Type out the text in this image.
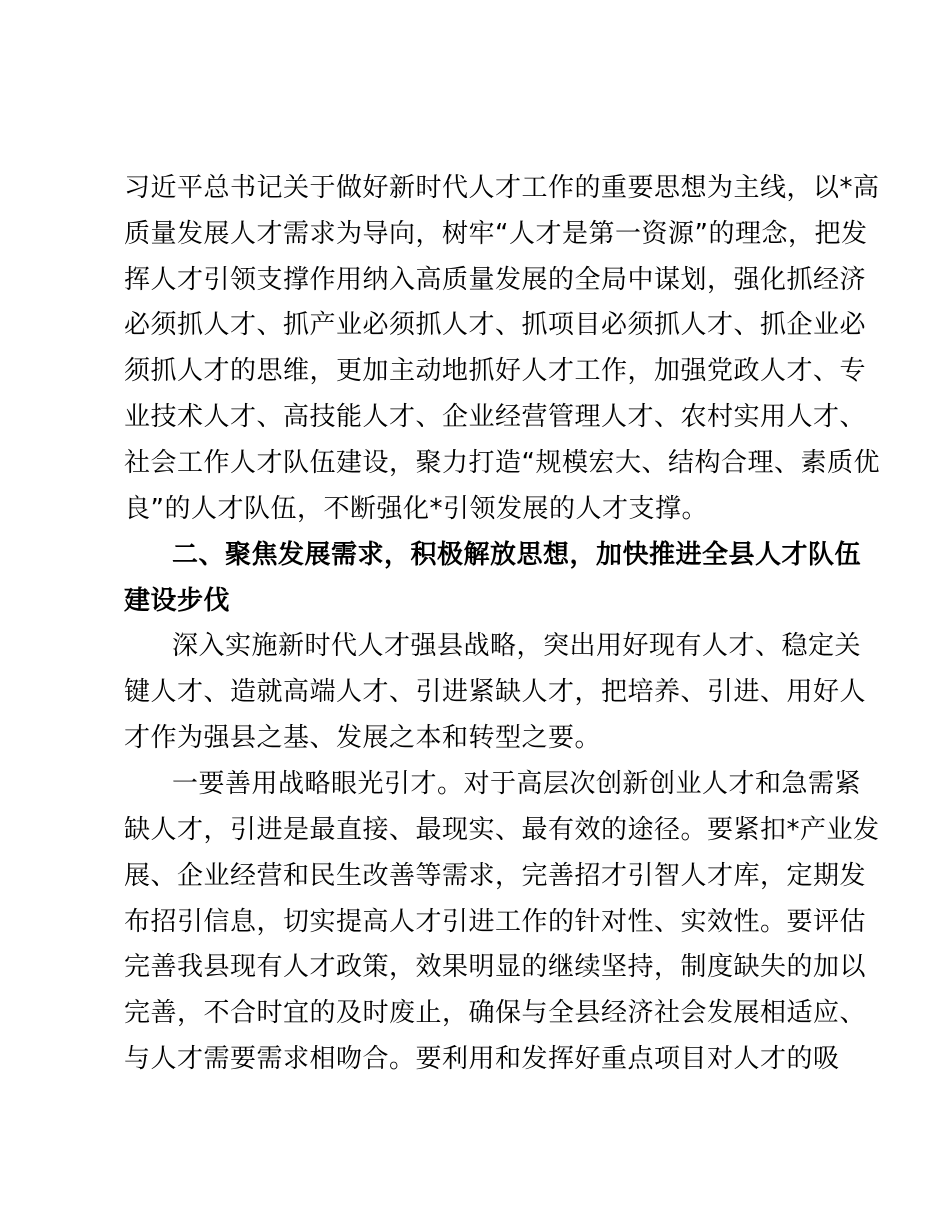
习近平总书记关于做好新时代人才工作的重要思想为主线，以*高
质量发展人才需求为导向，树牢“人才是第一资源”的理念，把发
挥人才引领支撑作用纳入高质量发展的全局中谋划，强化抓经济
必须抓人才、抓产业必须抓人才、抓项目必须抓人才、抓企业必
须抓人才的思维，更加主动地抓好人才工作，加强党政人才、专
业技术人才、高技能人才、企业经营管理人才、农村实用人才、
社会工作人才队伍建设，聚力打造“规模宏大、结构合理、素质优
良”的人才队伍，不断强化*引领发展的人才支撑。
二、聚焦发展需求，积极解放思想，加快推进全县人才队伍
建设步伐
深入实施新时代人才强县战略，突出用好现有人才、稳定关
键人才、造就高端人才、引进紧缺人才，把培养、引进、用好人
才作为强县之基、发展之本和转型之要。
一要善用战略眼光引才。对于高层次创新创业人才和急需紧
缺人才，引进是最直接、最现实、最有效的途径。要紧扣*产业发
展、企业经营和民生改善等需求，完善招才引智人才库，定期发
布招引信息，切实提高人才引进工作的针对性、实效性。要评估
完善我县现有人才政策，效果明显的继续坚持，制度缺失的加以
完善，不合时宜的及时废止，确保与全县经济社会发展相适应、
与人才需要需求相吻合。要利用和发挥好重点项目对人才的吸
